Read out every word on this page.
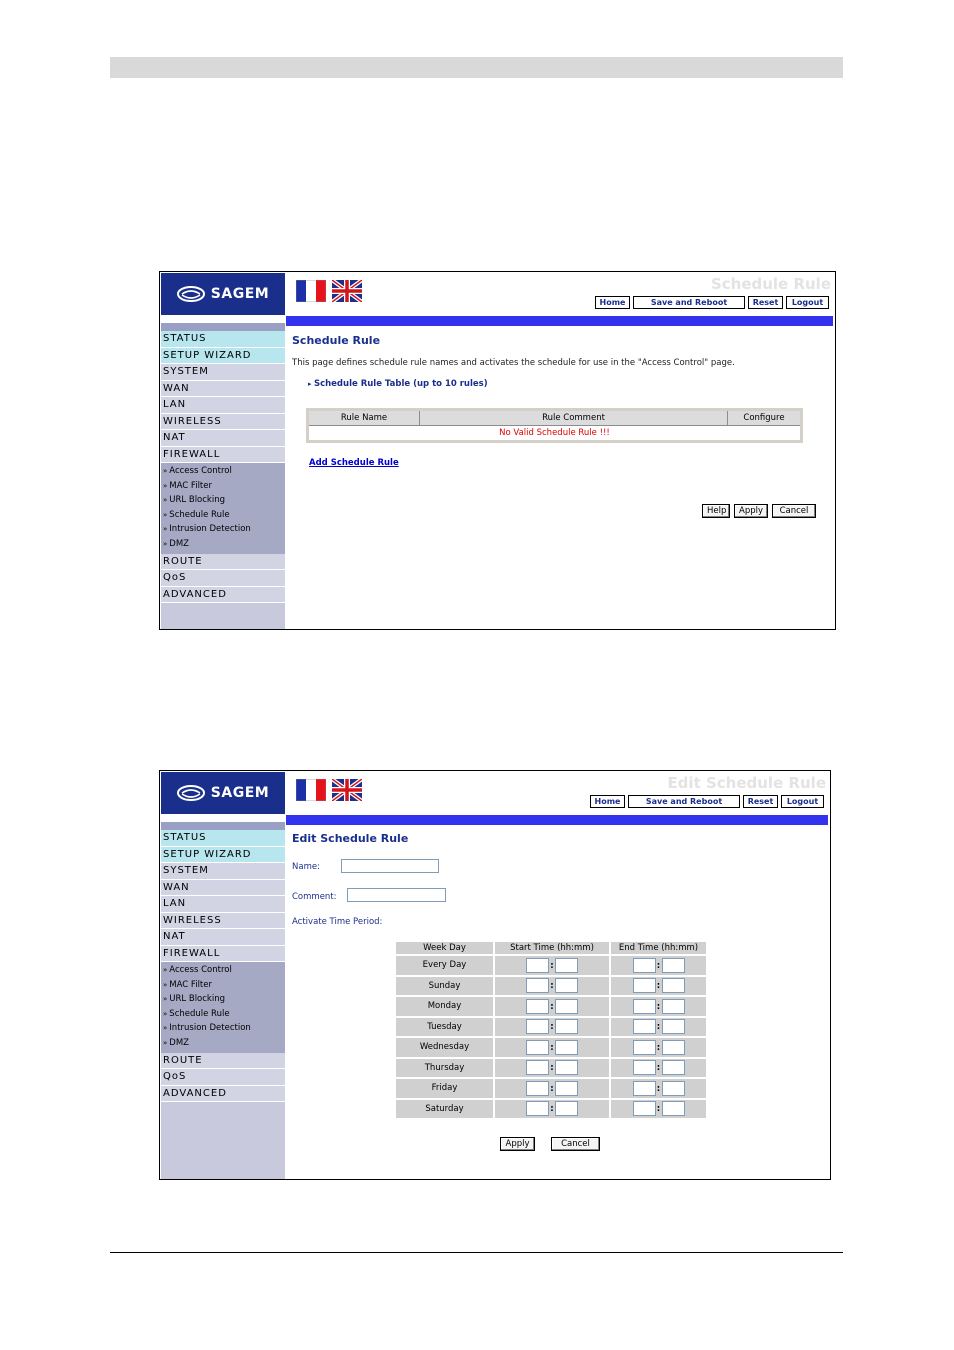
SAGEM
Schedule Rule
Home	Save and Reboot	Reset	Logout
STATUS
SETUP WIZARD
SYSTEM
WAN
LAN
WIRELESS
NAT
FIREWALL
» Access Control
» MAC Filter
» URL Blocking
» Schedule Rule
» Intrusion Detection
» DMZ
ROUTE
QoS
ADVANCED
Schedule Rule
This page defines schedule rule names and activates the schedule for use in the "Access Control" page.
▸ Schedule Rule Table (up to 10 rules)
Rule Name	Rule Comment	Configure
No Valid Schedule Rule !!!
Add Schedule Rule
Help	Apply	Cancel
SAGEM
Edit Schedule Rule
Home	Save and Reboot	Reset	Logout
STATUS
SETUP WIZARD
SYSTEM
WAN
LAN
WIRELESS
NAT
FIREWALL
» Access Control
» MAC Filter
» URL Blocking
» Schedule Rule
» Intrusion Detection
» DMZ
ROUTE
QoS
ADVANCED
Edit Schedule Rule
Name:
Comment:
Activate Time Period:
Week Day	Start Time (hh:mm)	End Time (hh:mm)
Every Day	:	:
Sunday	:	:
Monday	:	:
Tuesday	:	:
Wednesday	:	:
Thursday	:	:
Friday	:	:
Saturday	:	:
Apply	Cancel
